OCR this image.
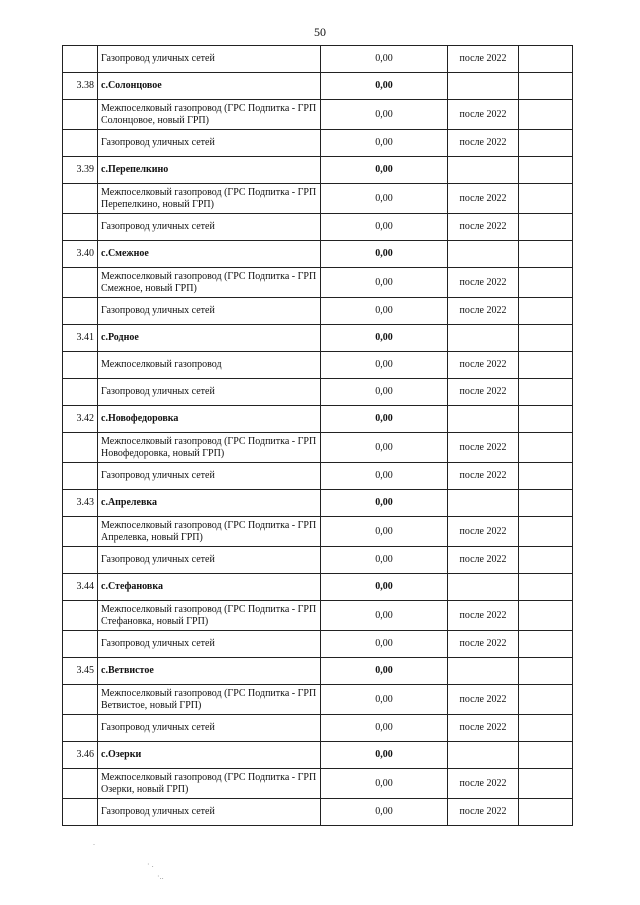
50
	Газопровод уличных сетей	0,00	после 2022	
3.38	с.Солонцовое	0,00		
	Межпоселковый газопровод (ГРС Подпитка - ГРП Солонцовое, новый ГРП)	0,00	после 2022	
	Газопровод уличных сетей	0,00	после 2022	
3.39	с.Перепелкино	0,00		
	Межпоселковый газопровод (ГРС Подпитка - ГРП Перепелкино, новый ГРП)	0,00	после 2022	
	Газопровод уличных сетей	0,00	после 2022	
3.40	с.Смежное	0,00		
	Межпоселковый газопровод (ГРС Подпитка - ГРП Смежное, новый ГРП)	0,00	после 2022	
	Газопровод уличных сетей	0,00	после 2022	
3.41	с.Родное	0,00		
	Межпоселковый газопровод	0,00	после 2022	
	Газопровод уличных сетей	0,00	после 2022	
3.42	с.Новофедоровка	0,00		
	Межпоселковый газопровод (ГРС Подпитка - ГРП Новофедоровка, новый ГРП)	0,00	после 2022	
	Газопровод уличных сетей	0,00	после 2022	
3.43	с.Апрелевка	0,00		
	Межпоселковый газопровод (ГРС Подпитка - ГРП Апрелевка, новый ГРП)	0,00	после 2022	
	Газопровод уличных сетей	0,00	после 2022	
3.44	с.Стефановка	0,00		
	Межпоселковый газопровод (ГРС Подпитка - ГРП Стефановка, новый ГРП)	0,00	после 2022	
	Газопровод уличных сетей	0,00	после 2022	
3.45	с.Ветвистое	0,00		
	Межпоселковый газопровод (ГРС Подпитка - ГРП Ветвистое, новый ГРП)	0,00	после 2022	
	Газопровод уличных сетей	0,00	после 2022	
3.46	с.Озерки	0,00		
	Межпоселковый газопровод (ГРС Подпитка - ГРП Озерки, новый ГРП)	0,00	после 2022	
	Газопровод уличных сетей	0,00	после 2022	
.
· .
·..
